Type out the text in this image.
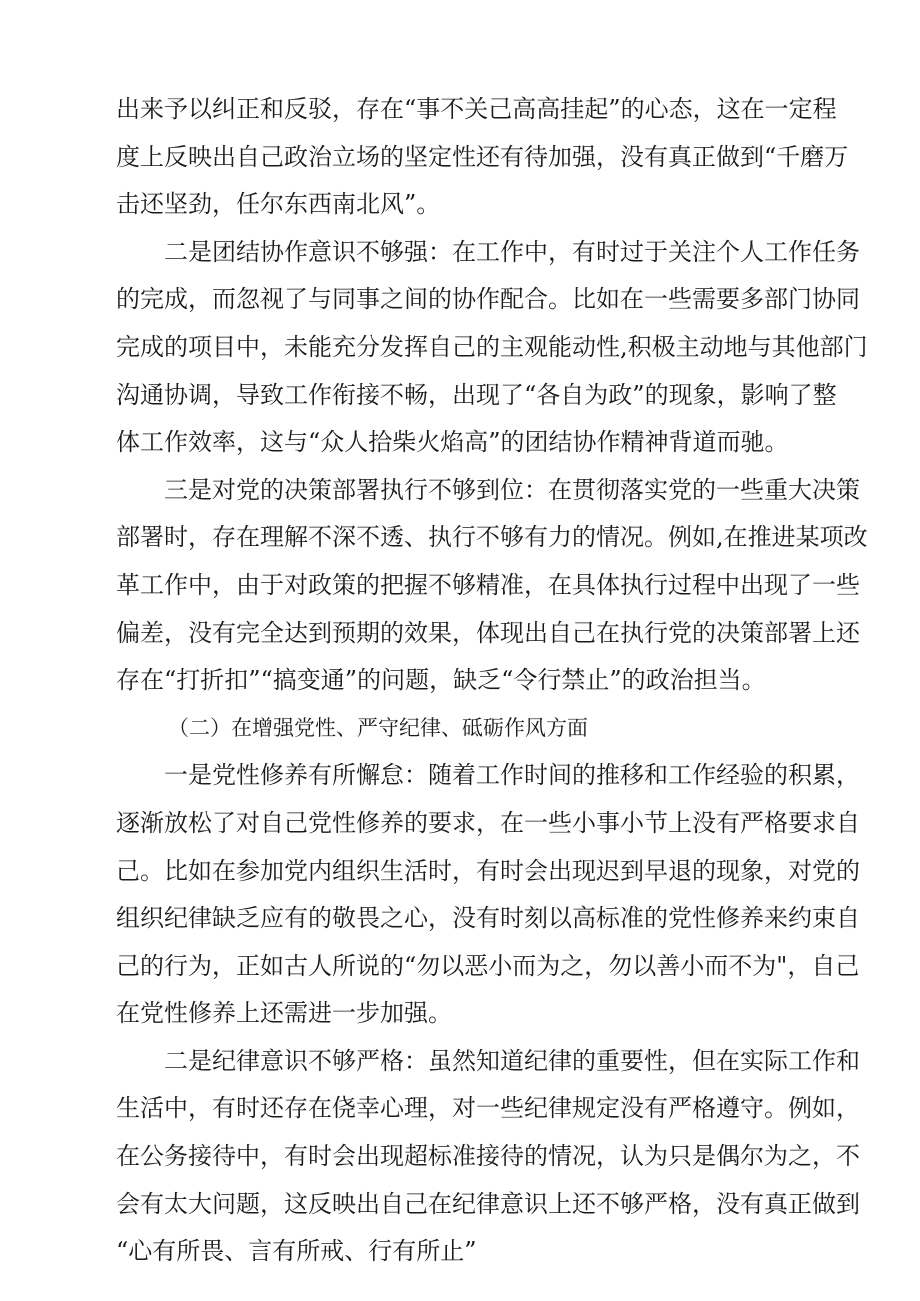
出 来 予 以 纠 正 和 反 驳 ， 存 在 “ 事 不 关 己 高 高 挂 起 ” 的 心 态 ， 这 在 一 定 程
度 上 反 映 出 自 己 政 治 立 场 的 坚 定 性 还 有 待 加 强 ， 没 有 真 正 做 到 “ 千 磨 万
击还坚劲，任尔东西南北风”。
二 是 团 结 协 作 意 识 不 够 强 ： 在 工 作 中 ， 有 时 过 于 关 注 个 人 工 作 任 务
的 完 成 ， 而 忽 视 了 与 同 事 之 间 的 协 作 配 合 。 比 如 在 一 些 需 要 多 部 门 协 同
完 成 的 项 目 中 ， 未 能 充 分 发 挥 自 己 的 主 观 能 动 性 , 积 极 主 动 地 与 其 他 部 门
沟 通 协 调 ， 导 致 工 作 衔 接 不 畅 ， 出 现 了 “ 各 自 为 政 ” 的 现 象 ， 影 响 了 整
体工作效率，这与“众人拾柴火焰高”的团结协作精神背道而驰。
三 是 对 党 的 决 策 部 署 执 行 不 够 到 位 ： 在 贯 彻 落 实 党 的 一 些 重 大 决 策
部 署 时 ， 存 在 理 解 不 深 不 透 、 执 行 不 够 有 力 的 情 况 。 例 如 , 在 推 进 某 项 改
革 工 作 中 ， 由 于 对 政 策 的 把 握 不 够 精 准 ， 在 具 体 执 行 过 程 中 出 现 了 一 些
偏 差 ， 没 有 完 全 达 到 预 期 的 效 果 ， 体 现 出 自 己 在 执 行 党 的 决 策 部 署 上 还
存在“打折扣”“搞变通”的问题，缺乏“令行禁止”的政治担当。
（二）在增强党性、严守纪律、砥砺作风方面
一 是 党 性 修 养 有 所 懈 怠 ： 随 着 工 作 时 间 的 推 移 和 工 作 经 验 的 积 累 ，
逐 渐 放 松 了 对 自 己 党 性 修 养 的 要 求 ， 在 一 些 小 事 小 节 上 没 有 严 格 要 求 自
己 。 比 如 在 参 加 党 内 组 织 生 活 时 ， 有 时 会 出 现 迟 到 早 退 的 现 象 ， 对 党 的
组 织 纪 律 缺 乏 应 有 的 敬 畏 之 心 ， 没 有 时 刻 以 高 标 准 的 党 性 修 养 来 约 束 自
己 的 行 为 ， 正 如 古 人 所 说 的 “ 勿 以 恶 小 而 为 之 ， 勿 以 善 小 而 不 为 " ， 自 己
在党性修养上还需进一步加强。
二 是 纪 律 意 识 不 够 严 格 ： 虽 然 知 道 纪 律 的 重 要 性 ， 但 在 实 际 工 作 和
生 活 中 ， 有 时 还 存 在 侥 幸 心 理 ， 对 一 些 纪 律 规 定 没 有 严 格 遵 守 。 例 如 ，
在 公 务 接 待 中 ， 有 时 会 出 现 超 标 准 接 待 的 情 况 ， 认 为 只 是 偶 尔 为 之 ， 不
会 有 太 大 问 题 ， 这 反 映 出 自 己 在 纪 律 意 识 上 还 不 够 严 格 ， 没 有 真 正 做 到
“心有所畏、言有所戒、行有所止”
